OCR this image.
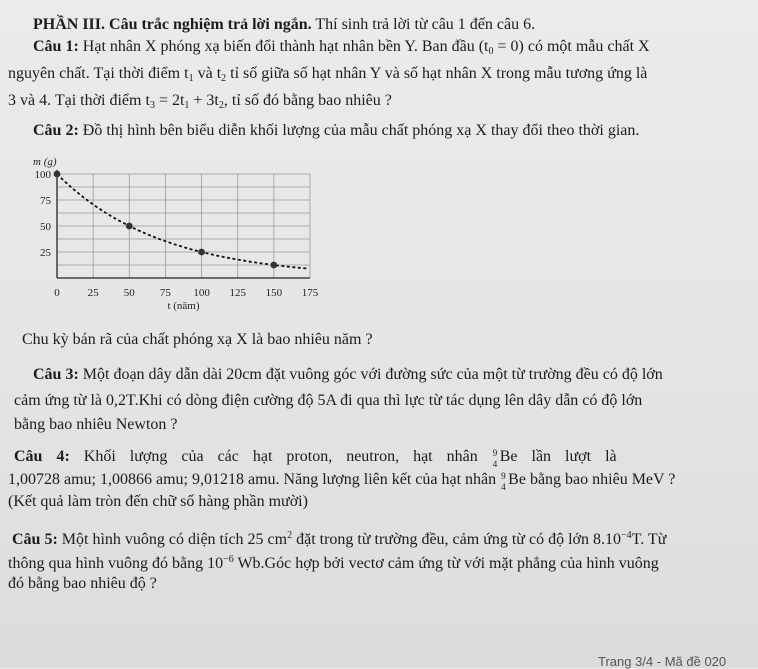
PHẦN III. Câu trắc nghiệm trả lời ngắn. Thí sinh trả lời từ câu 1 đến câu 6.
Câu 1: Hạt nhân X phóng xạ biến đổi thành hạt nhân bền Y. Ban đầu $(t_0 = 0)$ có một mẫu chất X
nguyên chất. Tại thời điểm $t_1$ và $t_2$ tỉ số giữa số hạt nhân Y và số hạt nhân X trong mẫu tương ứng là
3 và 4. Tại thời điểm $t_3 = 2t_1 + 3t_2$, tỉ số đó bằng bao nhiêu ?
Câu 2: Đồ thị hình bên biểu diễn khối lượng của mẫu chất phóng xạ X thay đổi theo thời gian.
0	25 50 75 100 125 150 175
25
50
75
100
m (g)
t (năm)
Chu kỳ bán rã của chất phóng xạ X là bao nhiêu năm ?
Câu 3: Một đoạn dây dẫn dài 20cm đặt vuông góc với đường sức của một từ trường đều có độ lớn
cảm ứng từ là 0,2T.Khi có dòng điện cường độ 5A đi qua thì lực từ tác dụng lên dây dẫn có độ lớn
bằng bao nhiêu Newton ?
Câu 4: Khối lượng của các hạt proton, neutron, hạt nhân 9
4 Be lần lượt là
1,00728 amu; 1,00866 amu; 9,01218 amu. Năng lượng liên kết của hạt nhân 9
4 Be bằng bao nhiêu MeV ?
(Kết quả làm tròn đến chữ số hàng phần mười)
Câu 5: Một hình vuông có diện tích 25 $cm^2$ đặt trong từ trường đều, cảm ứng từ có độ lớn $8.10^{-4}T$. Từ
thông qua hình vuông đó bằng $10^{-6}$ Wb.Góc hợp bởi vectơ cảm ứng từ với mặt phẳng của hình vuông
đó bằng bao nhiêu độ ?
Trang 3/4 - Mã đề 020
